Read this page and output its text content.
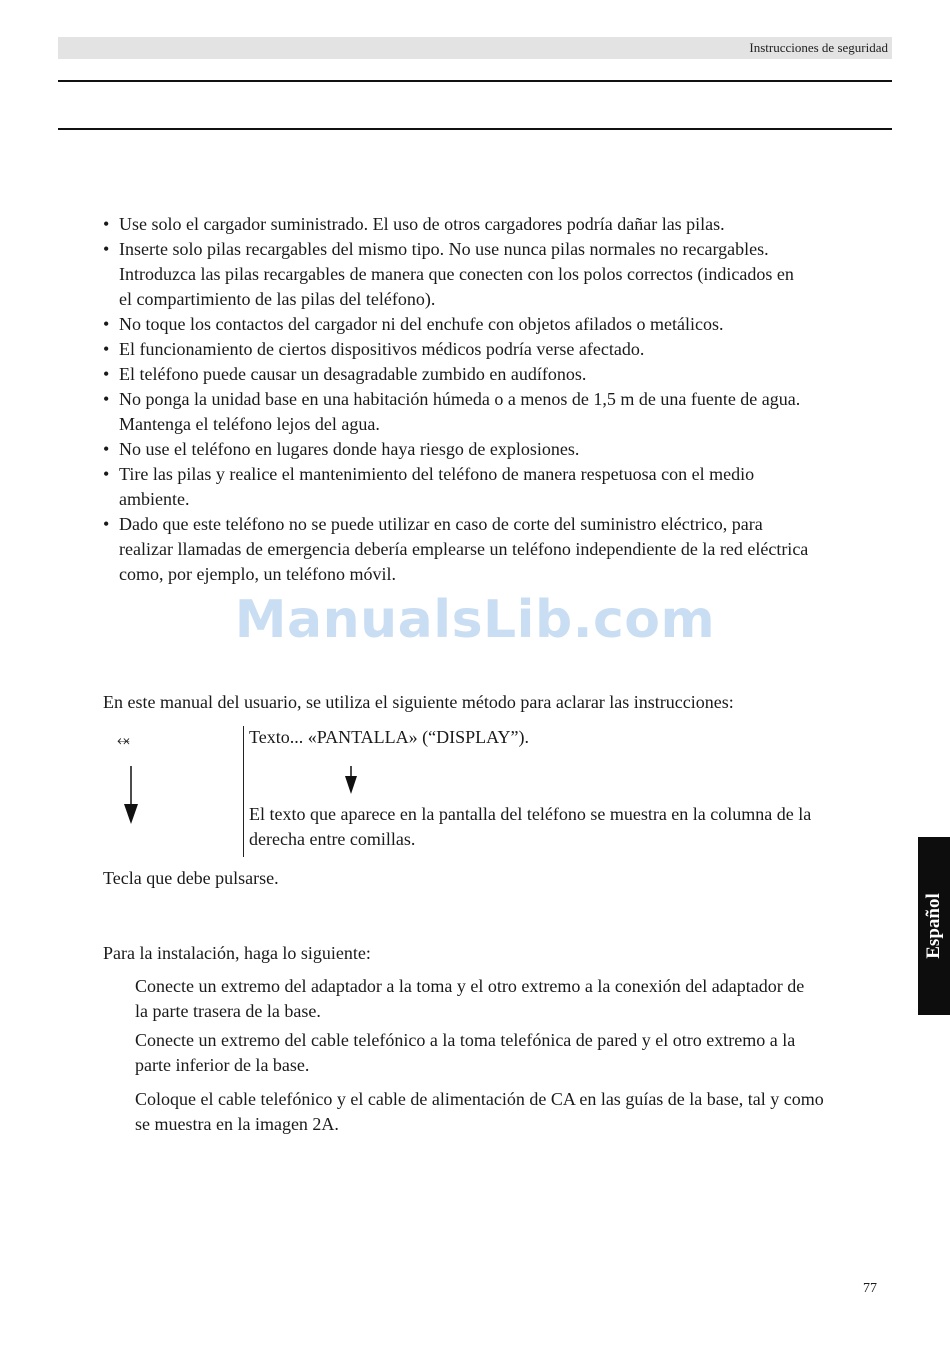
Instrucciones de seguridad
• Use solo el cargador suministrado. El uso de otros cargadores podría dañar las pilas.
• Inserte solo pilas recargables del mismo tipo. No use nunca pilas normales no recargables.
Introduzca las pilas recargables de manera que conecten con los polos correctos (indicados en
el compartimiento de las pilas del teléfono).
• No toque los contactos del cargador ni del enchufe con objetos afilados o metálicos.
• El funcionamiento de ciertos dispositivos médicos podría verse afectado.
• El teléfono puede causar un desagradable zumbido en audífonos.
• No ponga la unidad base en una habitación húmeda o a menos de 1,5 m de una fuente de agua.
Mantenga el teléfono lejos del agua.
• No use el teléfono en lugares donde haya riesgo de explosiones.
• Tire las pilas y realice el mantenimiento del teléfono de manera respetuosa con el medio
ambiente.
• Dado que este teléfono no se puede utilizar en caso de corte del suministro eléctrico, para
realizar llamadas de emergencia debería emplearse un teléfono independiente de la red eléctrica
como, por ejemplo, un teléfono móvil.
ManualsLib.com
En este manual del usuario, se utiliza el siguiente método para aclarar las instrucciones:
⬾	Texto... «PANTALLA» (“DISPLAY”).
El texto que aparece en la pantalla del teléfono se muestra en la columna de la
derecha entre comillas.
Tecla que debe pulsarse.
Para la instalación, haga lo siguiente:
Conecte un extremo del adaptador a la toma y el otro extremo a la conexión del adaptador de
la parte trasera de la base.
Conecte un extremo del cable telefónico a la toma telefónica de pared y el otro extremo a la
parte inferior de la base.
Coloque el cable telefónico y el cable de alimentación de CA en las guías de la base, tal y como
se muestra en la imagen 2A.
Español
77
